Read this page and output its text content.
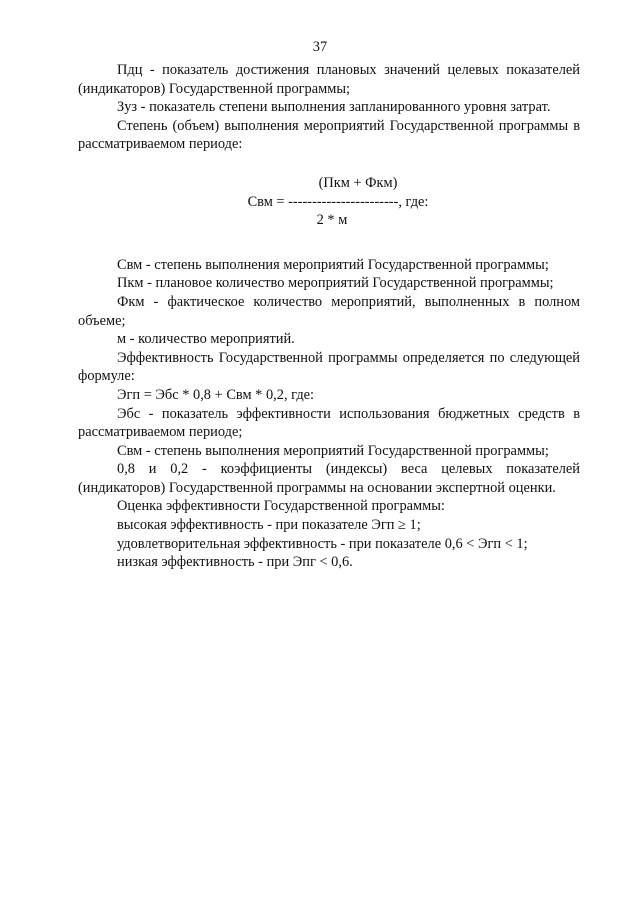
37

Пдц - показатель достижения плановых значений целевых показателей (индикаторов) Государственной программы;

Зуз - показатель степени выполнения запланированного уровня затрат.

Степень (объем) выполнения мероприятий Государственной программы в рассматриваемом периоде:

(Пкм + Фкм)
Свм = -----------------------, где:
2 * м

Свм - степень выполнения мероприятий Государственной программы;

Пкм - плановое количество мероприятий Государственной программы;

Фкм - фактическое количество мероприятий, выполненных в полном объеме;

м - количество мероприятий.

Эффективность Государственной программы определяется по следующей формуле:

Эгп = Эбс * 0,8 + Свм * 0,2, где:

Эбс - показатель эффективности использования бюджетных средств в рассматриваемом периоде;

Свм - степень выполнения мероприятий Государственной программы;

0,8 и 0,2 - коэффициенты (индексы) веса целевых показателей (индикаторов) Государственной программы на основании экспертной оценки.

Оценка эффективности Государственной программы:

высокая эффективность - при показателе Эгп ≥ 1;

удовлетворительная эффективность - при показателе 0,6 < Эгп < 1;

низкая эффективность - при Эпг < 0,6.
